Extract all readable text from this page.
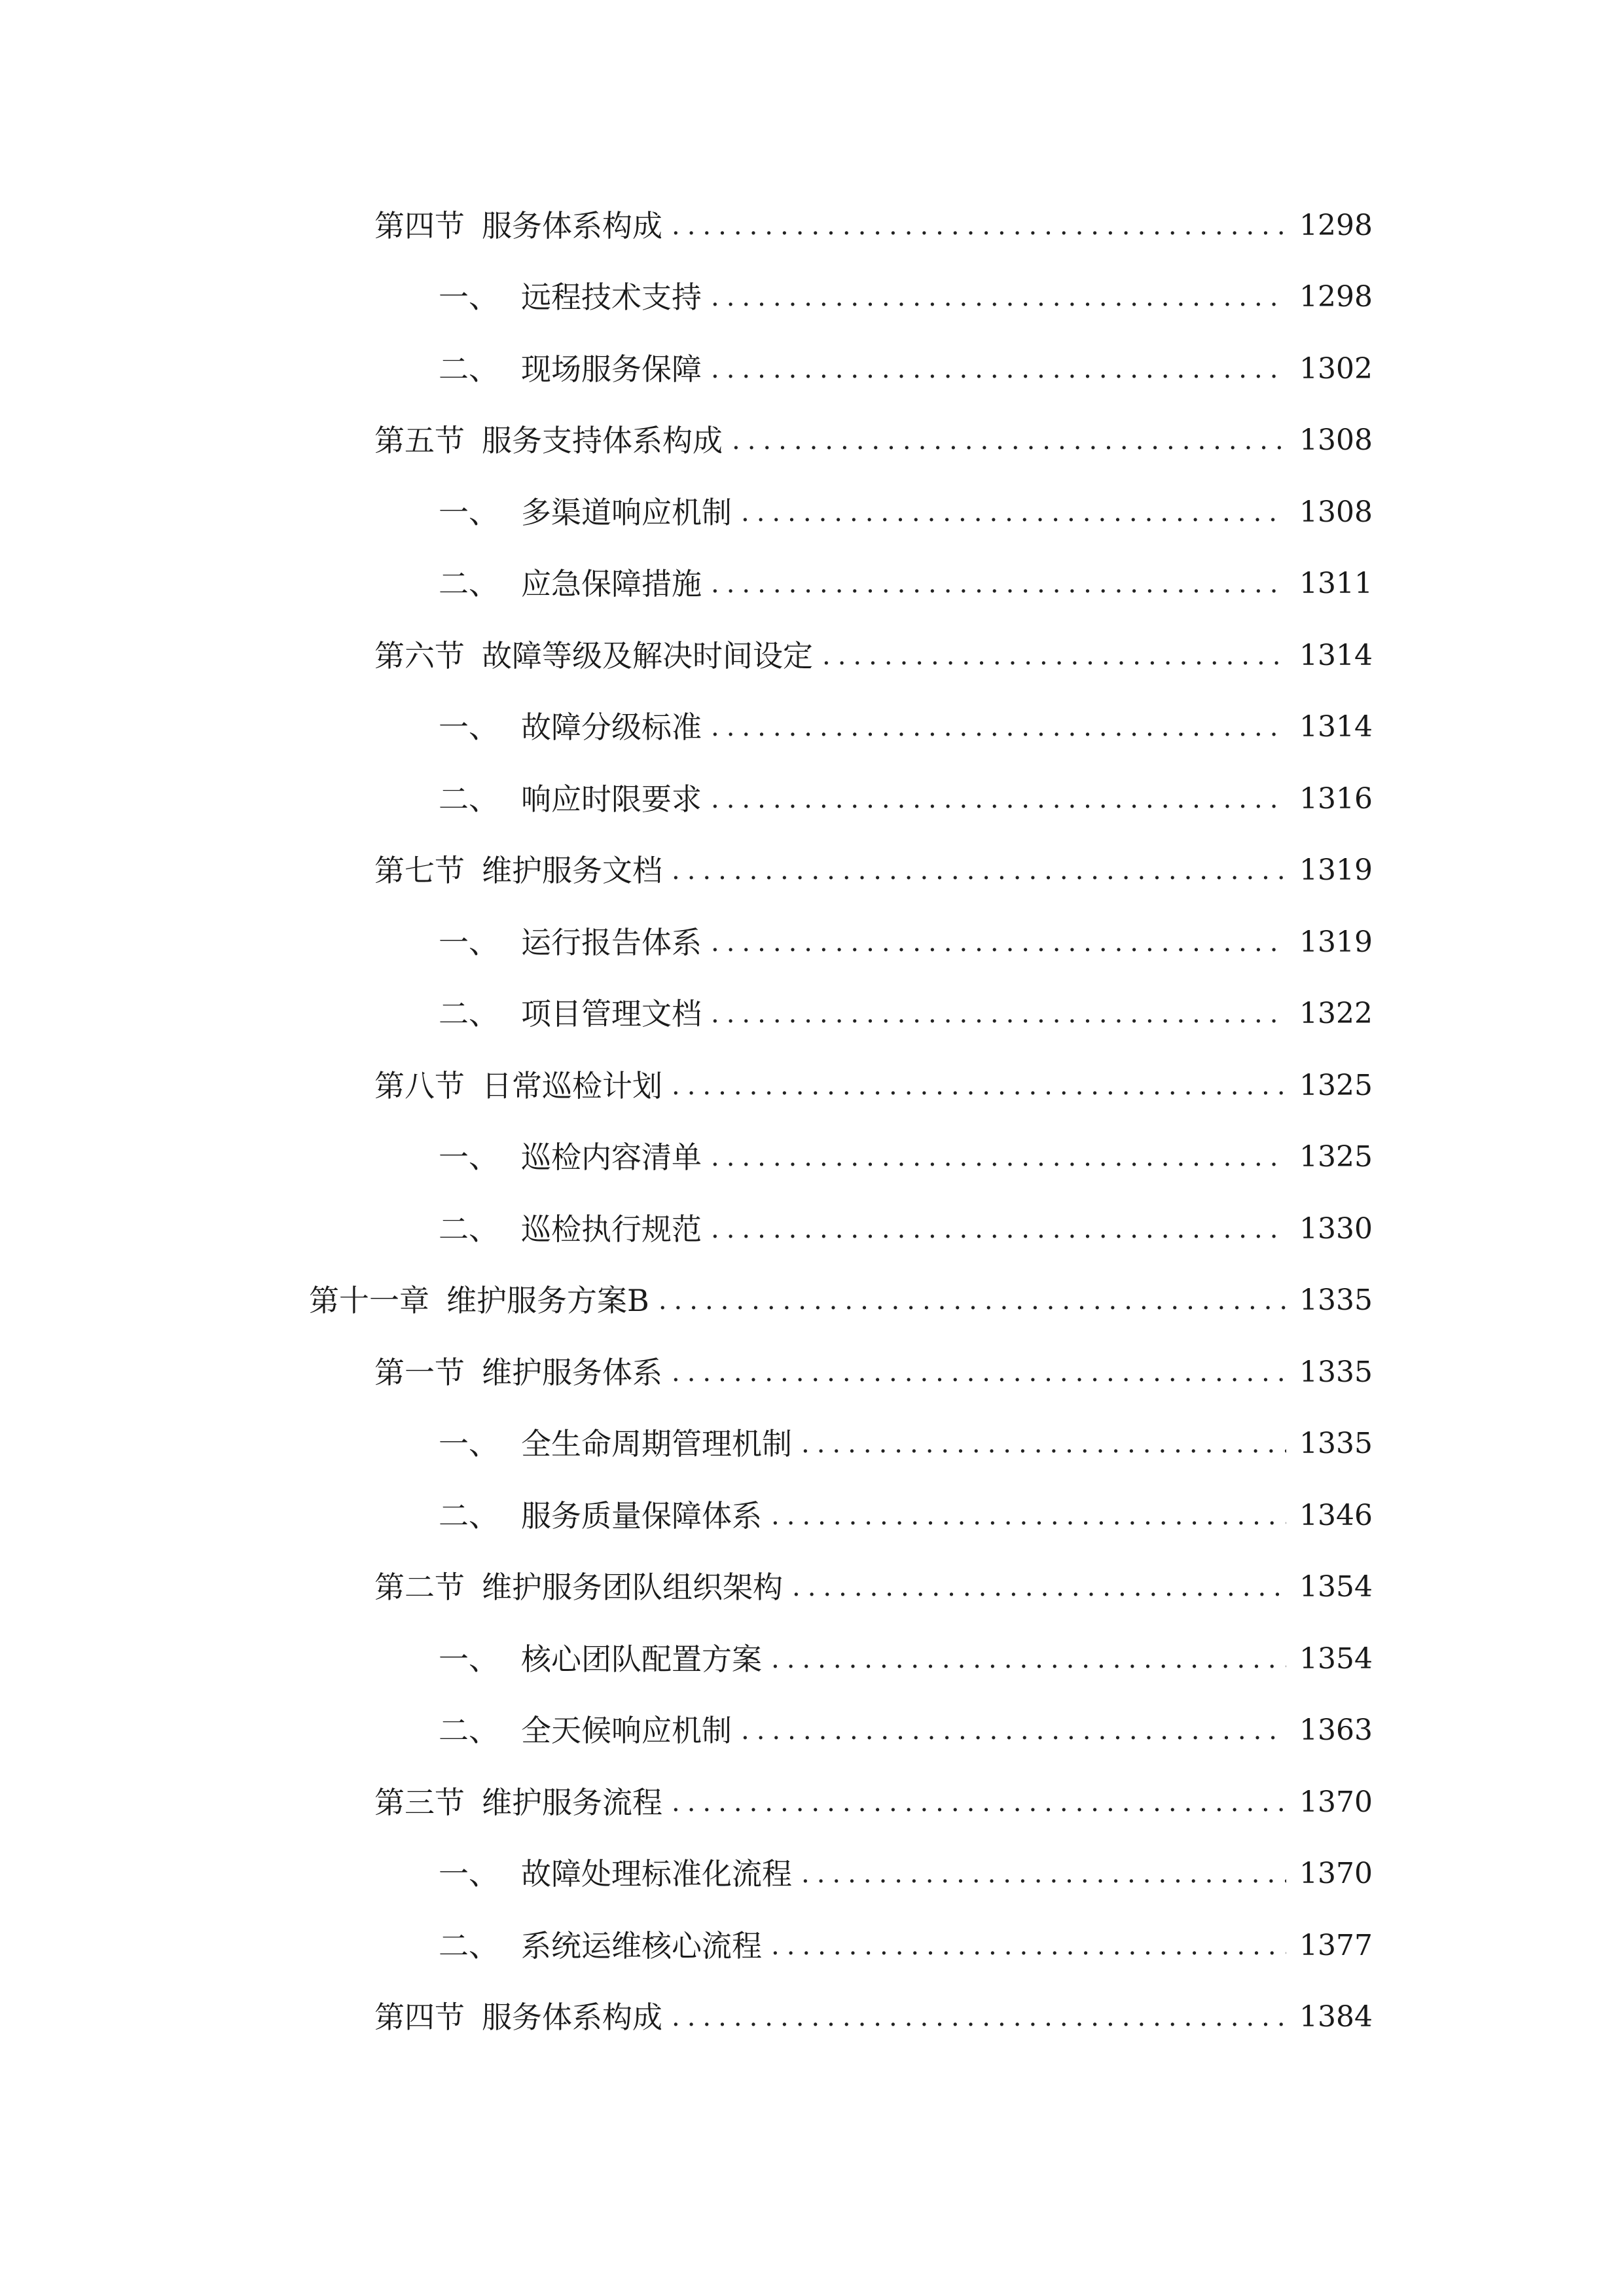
第四节 服务体系构成 .....	1298
一、 远程技术支持 .....	1298
二、 现场服务保障 .....	1302
第五节 服务支持体系构成 .....	1308
一、 多渠道响应机制 .....	1308
二、 应急保障措施 .....	1311
第六节 故障等级及解决时间设定 .....	1314
一、 故障分级标准 .....	1314
二、 响应时限要求 .....	1316
第七节 维护服务文档 .....	1319
一、 运行报告体系 .....	1319
二、 项目管理文档 .....	1322
第八节 日常巡检计划 .....	1325
一、 巡检内容清单 .....	1325
二、 巡检执行规范 .....	1330
第十一章 维护服务方案B .....	1335
第一节 维护服务体系 .....	1335
一、 全生命周期管理机制 .....	1335
二、 服务质量保障体系 .....	1346
第二节 维护服务团队组织架构 .....	1354
一、 核心团队配置方案 .....	1354
二、 全天候响应机制 .....	1363
第三节 维护服务流程 .....	1370
一、 故障处理标准化流程 .....	1370
二、 系统运维核心流程 .....	1377
第四节 服务体系构成 .....	1384
